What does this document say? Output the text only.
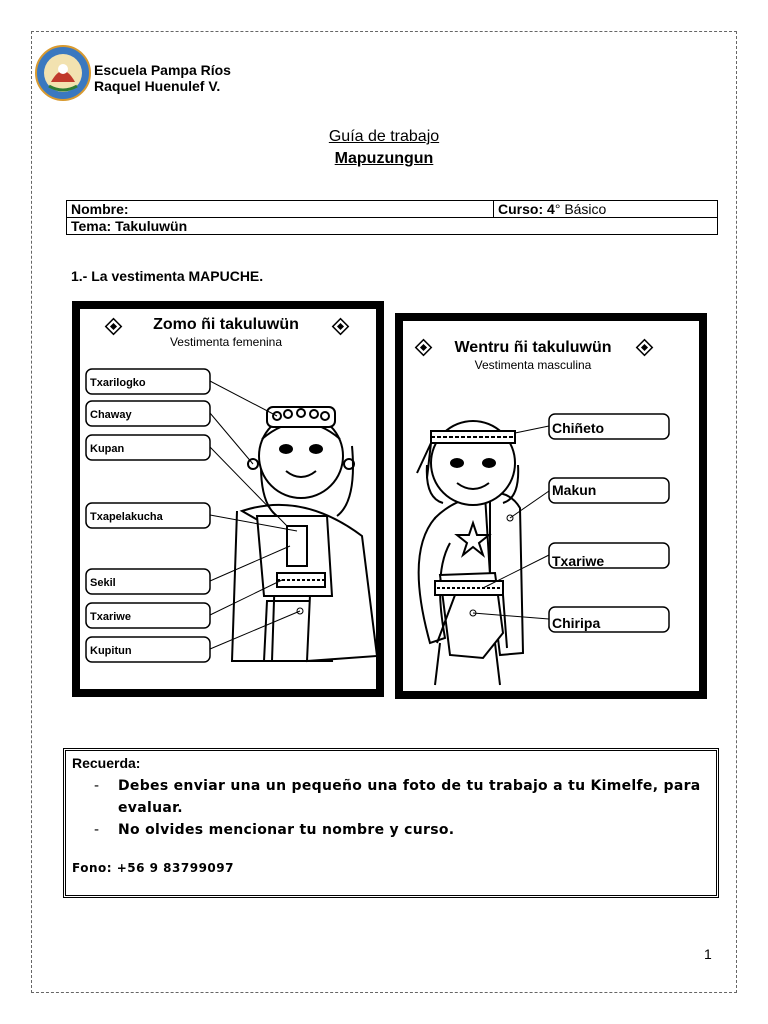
Escuela Pampa Ríos
Raquel Huenulef V.
Guía de trabajo
Mapuzungun
Nombre:	Curso: 4° Básico
Tema: Takuluwün
1.- La vestimenta MAPUCHE.
Zomo ñi takuluwün
Vestimenta femenina
Txarilogko
Chaway
Kupan
Txapelakucha
Sekil
Txariwe
Kupitun
Wentru ñi takuluwün
Vestimenta masculina
Chiñeto
Makun
Txariwe
Chiripa
Recuerda:
- Debes enviar una un pequeño una foto de tu trabajo a tu Kimelfe, para evaluar.
- No olvides mencionar tu nombre y curso.
Fono: +56 9 83799097
1
